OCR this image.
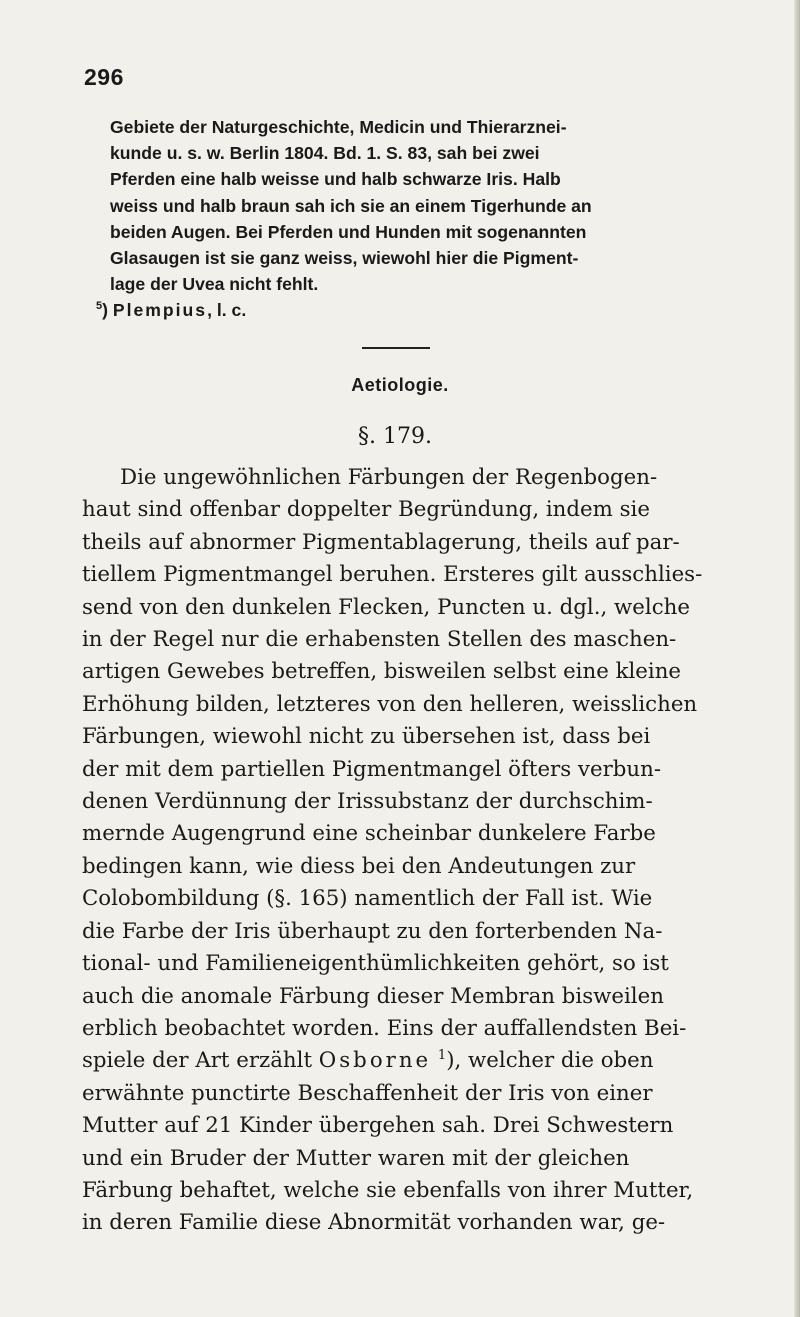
296
Gebiete der Naturgeschichte, Medicin und Thierarznei-
kunde u. s. w. Berlin 1804. Bd. 1. S. 83, sah bei zwei
Pferden eine halb weisse und halb schwarze Iris. Halb
weiss und halb braun sah ich sie an einem Tigerhunde an
beiden Augen. Bei Pferden und Hunden mit sogenannten
Glasaugen ist sie ganz weiss, wiewohl hier die Pigment-
lage der Uvea nicht fehlt.
$^5$) Plempius, l. c.
Aetiologie.
§. 179.
Die ungewöhnlichen Färbungen der Regenbogen-
haut sind offenbar doppelter Begründung, indem sie
theils auf abnormer Pigmentablagerung, theils auf par-
tiellem Pigmentmangel beruhen. Ersteres gilt ausschlies-
send von den dunkelen Flecken, Puncten u. dgl., welche
in der Regel nur die erhabensten Stellen des maschen-
artigen Gewebes betreffen, bisweilen selbst eine kleine
Erhöhung bilden, letzteres von den helleren, weisslichen
Färbungen, wiewohl nicht zu übersehen ist, dass bei
der mit dem partiellen Pigmentmangel öfters verbun-
denen Verdünnung der Irissubstanz der durchschim-
mernde Augengrund eine scheinbar dunkelere Farbe
bedingen kann, wie diess bei den Andeutungen zur
Colobombildung (§. 165) namentlich der Fall ist. Wie
die Farbe der Iris überhaupt zu den forterbenden Na-
tional- und Familieneigenthümlichkeiten gehört, so ist
auch die anomale Färbung dieser Membran bisweilen
erblich beobachtet worden. Eins der auffallendsten Bei-
spiele der Art erzählt Osborne $^1$), welcher die oben
erwähnte punctirte Beschaffenheit der Iris von einer
Mutter auf 21 Kinder übergehen sah. Drei Schwestern
und ein Bruder der Mutter waren mit der gleichen
Färbung behaftet, welche sie ebenfalls von ihrer Mutter,
in deren Familie diese Abnormität vorhanden war, ge-
